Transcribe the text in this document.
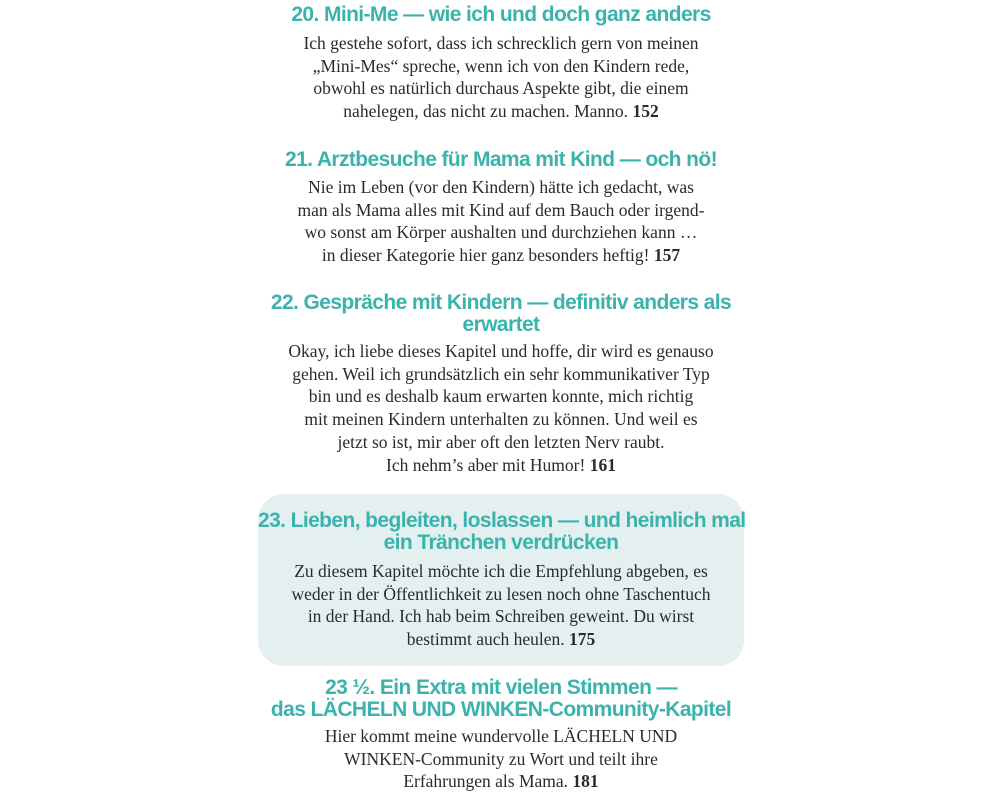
20. Mini-Me — wie ich und doch ganz anders
Ich gestehe sofort, dass ich schrecklich gern von meinen
„Mini-Mes“ spreche, wenn ich von den Kindern rede,
obwohl es natürlich durchaus Aspekte gibt, die einem
nahelegen, das nicht zu machen. Manno. 152
21. Arztbesuche für Mama mit Kind — och nö!
Nie im Leben (vor den Kindern) hätte ich gedacht, was
man als Mama alles mit Kind auf dem Bauch oder irgend-
wo sonst am Körper aushalten und durchziehen kann …
in dieser Kategorie hier ganz besonders heftig! 157
22. Gespräche mit Kindern — definitiv anders als
erwartet
Okay, ich liebe dieses Kapitel und hoffe, dir wird es genauso
gehen. Weil ich grundsätzlich ein sehr kommunikativer Typ
bin und es deshalb kaum erwarten konnte, mich richtig
mit meinen Kindern unterhalten zu können. Und weil es
jetzt so ist, mir aber oft den letzten Nerv raubt.
Ich nehm’s aber mit Humor! 161
23. Lieben, begleiten, loslassen — und heimlich mal
ein Tränchen verdrücken
Zu diesem Kapitel möchte ich die Empfehlung abgeben, es
weder in der Öffentlichkeit zu lesen noch ohne Taschentuch
in der Hand. Ich hab beim Schreiben geweint. Du wirst
bestimmt auch heulen. 175
23 ½. Ein Extra mit vielen Stimmen —
das LÄCHELN UND WINKEN-Community-Kapitel
Hier kommt meine wundervolle LÄCHELN UND
WINKEN-Community zu Wort und teilt ihre
Erfahrungen als Mama. 181
